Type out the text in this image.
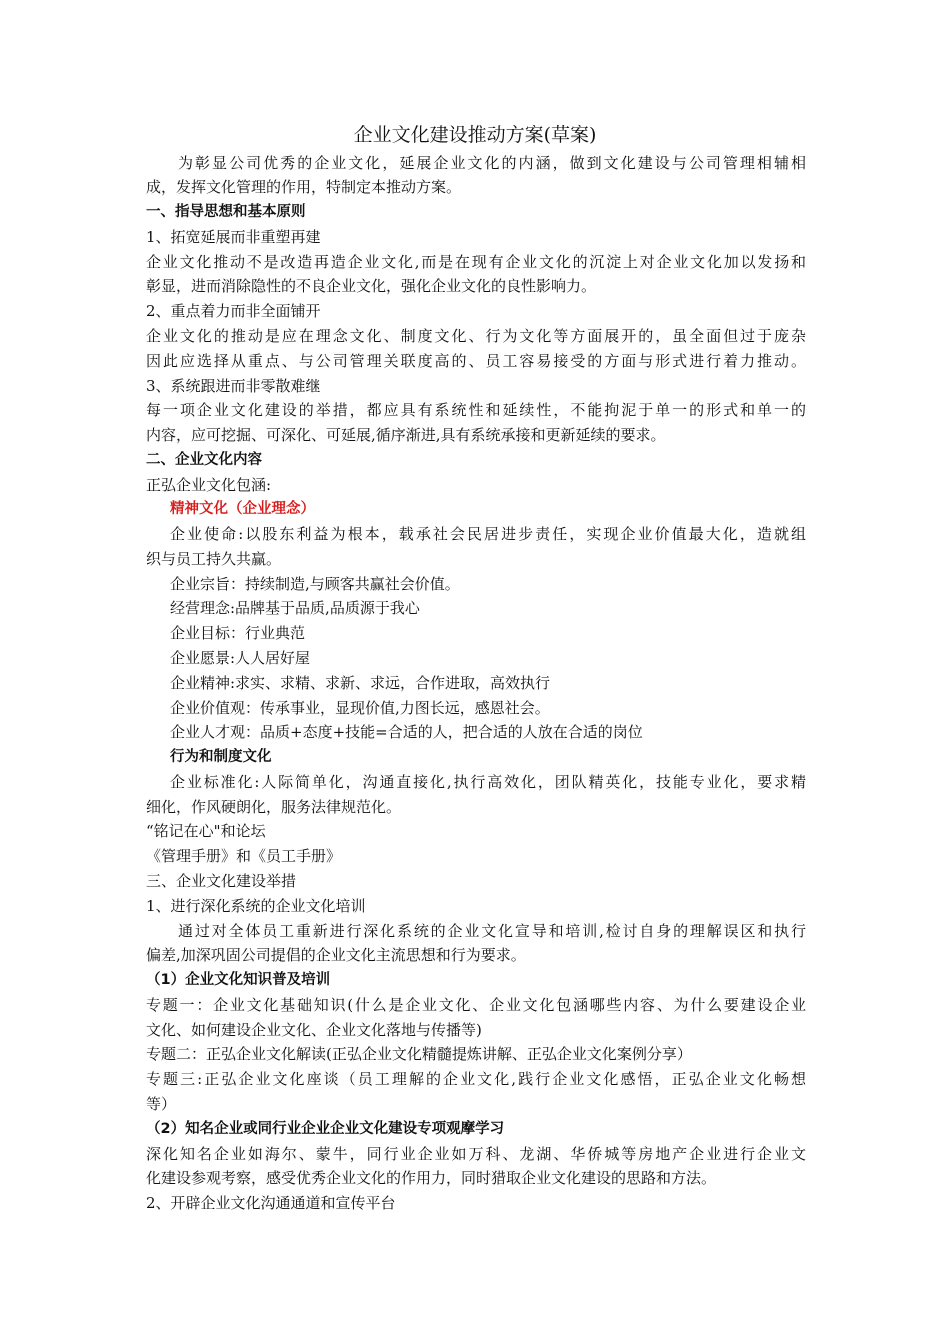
企业文化建设推动方案(草案)
为彰显公司优秀的企业文化，延展企业文化的内涵，做到文化建设与公司管理相辅相
成，发挥文化管理的作用，特制定本推动方案。
一、指导思想和基本原则
1、拓宽延展而非重塑再建
企业文化推动不是改造再造企业文化,而是在现有企业文化的沉淀上对企业文化加以发扬和
彰显，进而消除隐性的不良企业文化，强化企业文化的良性影响力。
2、重点着力而非全面铺开
企业文化的推动是应在理念文化、制度文化、行为文化等方面展开的，虽全面但过于庞杂
因此应选择从重点、与公司管理关联度高的、员工容易接受的方面与形式进行着力推动。
3、系统跟进而非零散难继
每一项企业文化建设的举措，都应具有系统性和延续性，不能拘泥于单一的形式和单一的
内容，应可挖掘、可深化、可延展,循序渐进,具有系统承接和更新延续的要求。
二、企业文化内容
正弘企业文化包涵:
精神文化（企业理念）
企业使命:以股东利益为根本，载承社会民居进步责任，实现企业价值最大化，造就组
织与员工持久共赢。
企业宗旨：持续制造,与顾客共赢社会价值。
经营理念:品牌基于品质,品质源于我心
企业目标：行业典范
企业愿景:人人居好屋
企业精神:求实、求精、求新、求远，合作进取，高效执行
企业价值观：传承事业，显现价值,力图长远，感恩社会。
企业人才观：品质+态度+技能=合适的人，把合适的人放在合适的岗位
行为和制度文化
企业标准化:人际简单化，沟通直接化,执行高效化，团队精英化，技能专业化，要求精
细化，作风硬朗化，服务法律规范化。
“铭记在心"和论坛
《管理手册》和《员工手册》
三、企业文化建设举措
1、进行深化系统的企业文化培训
通过对全体员工重新进行深化系统的企业文化宣导和培训,检讨自身的理解误区和执行
偏差,加深巩固公司提倡的企业文化主流思想和行为要求。
（1）企业文化知识普及培训
专题一：企业文化基础知识(什么是企业文化、企业文化包涵哪些内容、为什么要建设企业
文化、如何建设企业文化、企业文化落地与传播等)
专题二：正弘企业文化解读(正弘企业文化精髓提炼讲解、正弘企业文化案例分享）
专题三:正弘企业文化座谈（员工理解的企业文化,践行企业文化感悟，正弘企业文化畅想
等）
（2）知名企业或同行业企业企业文化建设专项观摩学习
深化知名企业如海尔、蒙牛，同行业企业如万科、龙湖、华侨城等房地产企业进行企业文
化建设参观考察，感受优秀企业文化的作用力，同时猎取企业文化建设的思路和方法。
2、开辟企业文化沟通通道和宣传平台
